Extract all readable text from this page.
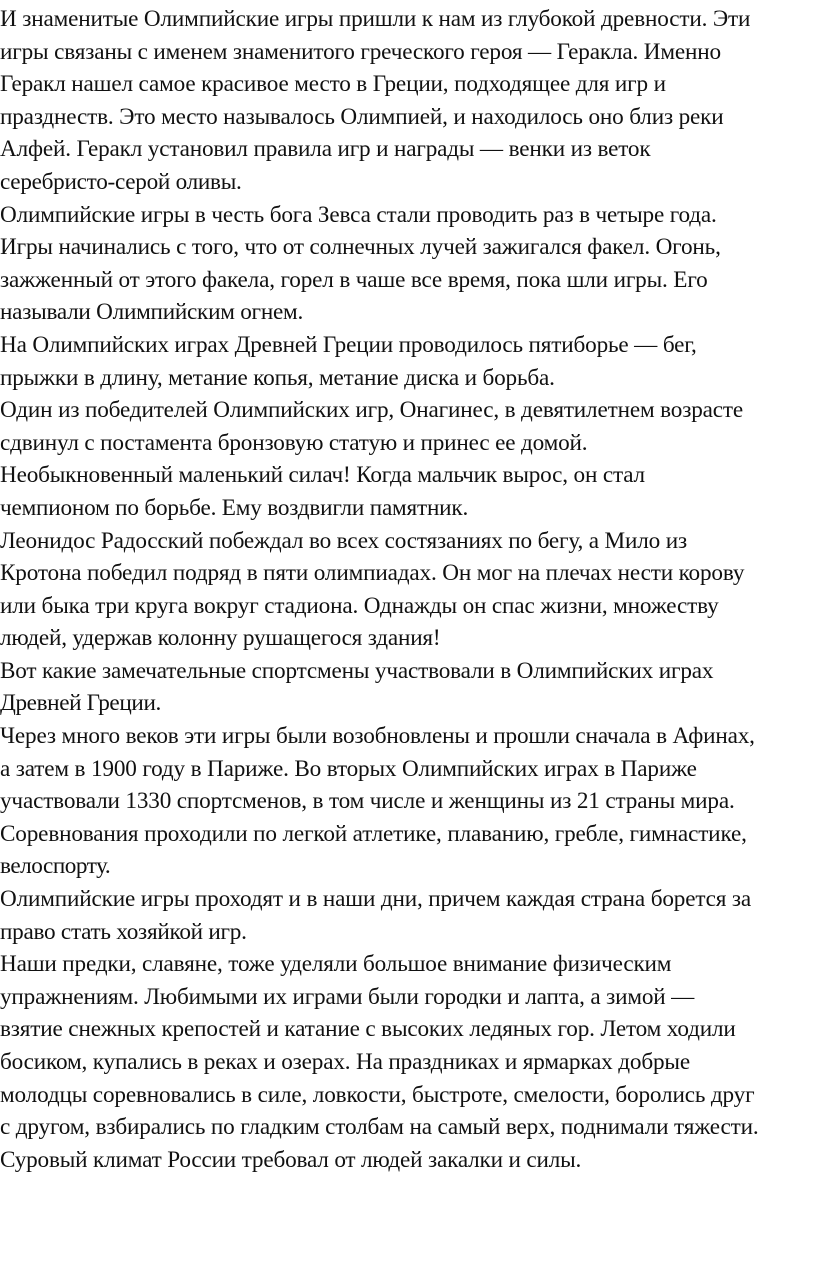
И знаменитые Олимпийские игры пришли к нам из глубокой древности. Эти
игры связаны с именем знаменитого греческого героя — Геракла. Именно
Геракл нашел самое красивое место в Греции, подходящее для игр и
празднеств. Это место называлось Олимпией, и находилось оно близ реки
Алфей. Геракл установил правила игр и награды — венки из веток
серебристо-серой оливы.

Олимпийские игры в честь бога Зевса стали проводить раз в четыре года.
Игры начинались с того, что от солнечных лучей зажигался факел. Огонь,
зажженный от этого факела, горел в чаше все время, пока шли игры. Его
называли Олимпийским огнем.

На Олимпийских играх Древней Греции проводилось пятиборье — бег,
прыжки в длину, метание копья, метание диска и борьба.

Один из победителей Олимпийских игр, Онагинес, в девятилетнем возрасте
сдвинул с постамента бронзовую статую и принес ее домой.
Необыкновенный маленький силач! Когда мальчик вырос, он стал
чемпионом по борьбе. Ему воздвигли памятник.

Леонидос Радосский побеждал во всех состязаниях по бегу, а Мило из
Кротона победил подряд в пяти олимпиадах. Он мог на плечах нести корову
или быка три круга вокруг стадиона. Однажды он спас жизни, множеству
людей, удержав колонну рушащегося здания!

Вот какие замечательные спортсмены участвовали в Олимпийских играх
Древней Греции.

Через много веков эти игры были возобновлены и прошли сначала в Афинах,
а затем в 1900 году в Париже. Во вторых Олимпийских играх в Париже
участвовали 1330 спортсменов, в том числе и женщины из 21 страны мира.
Соревнования проходили по легкой атлетике, плаванию, гребле, гимнастике,
велоспорту.

Олимпийские игры проходят и в наши дни, причем каждая страна борется за
право стать хозяйкой игр.

Наши предки, славяне, тоже уделяли большое внимание физическим
упражнениям. Любимыми их играми были городки и лапта, а зимой —
взятие снежных крепостей и катание с высоких ледяных гор. Летом ходили
босиком, купались в реках и озерах. На праздниках и ярмарках добрые
молодцы соревновались в силе, ловкости, быстроте, смелости, боролись друг
с другом, взбирались по гладким столбам на самый верх, поднимали тяжести.
Суровый климат России требовал от людей закалки и силы.
